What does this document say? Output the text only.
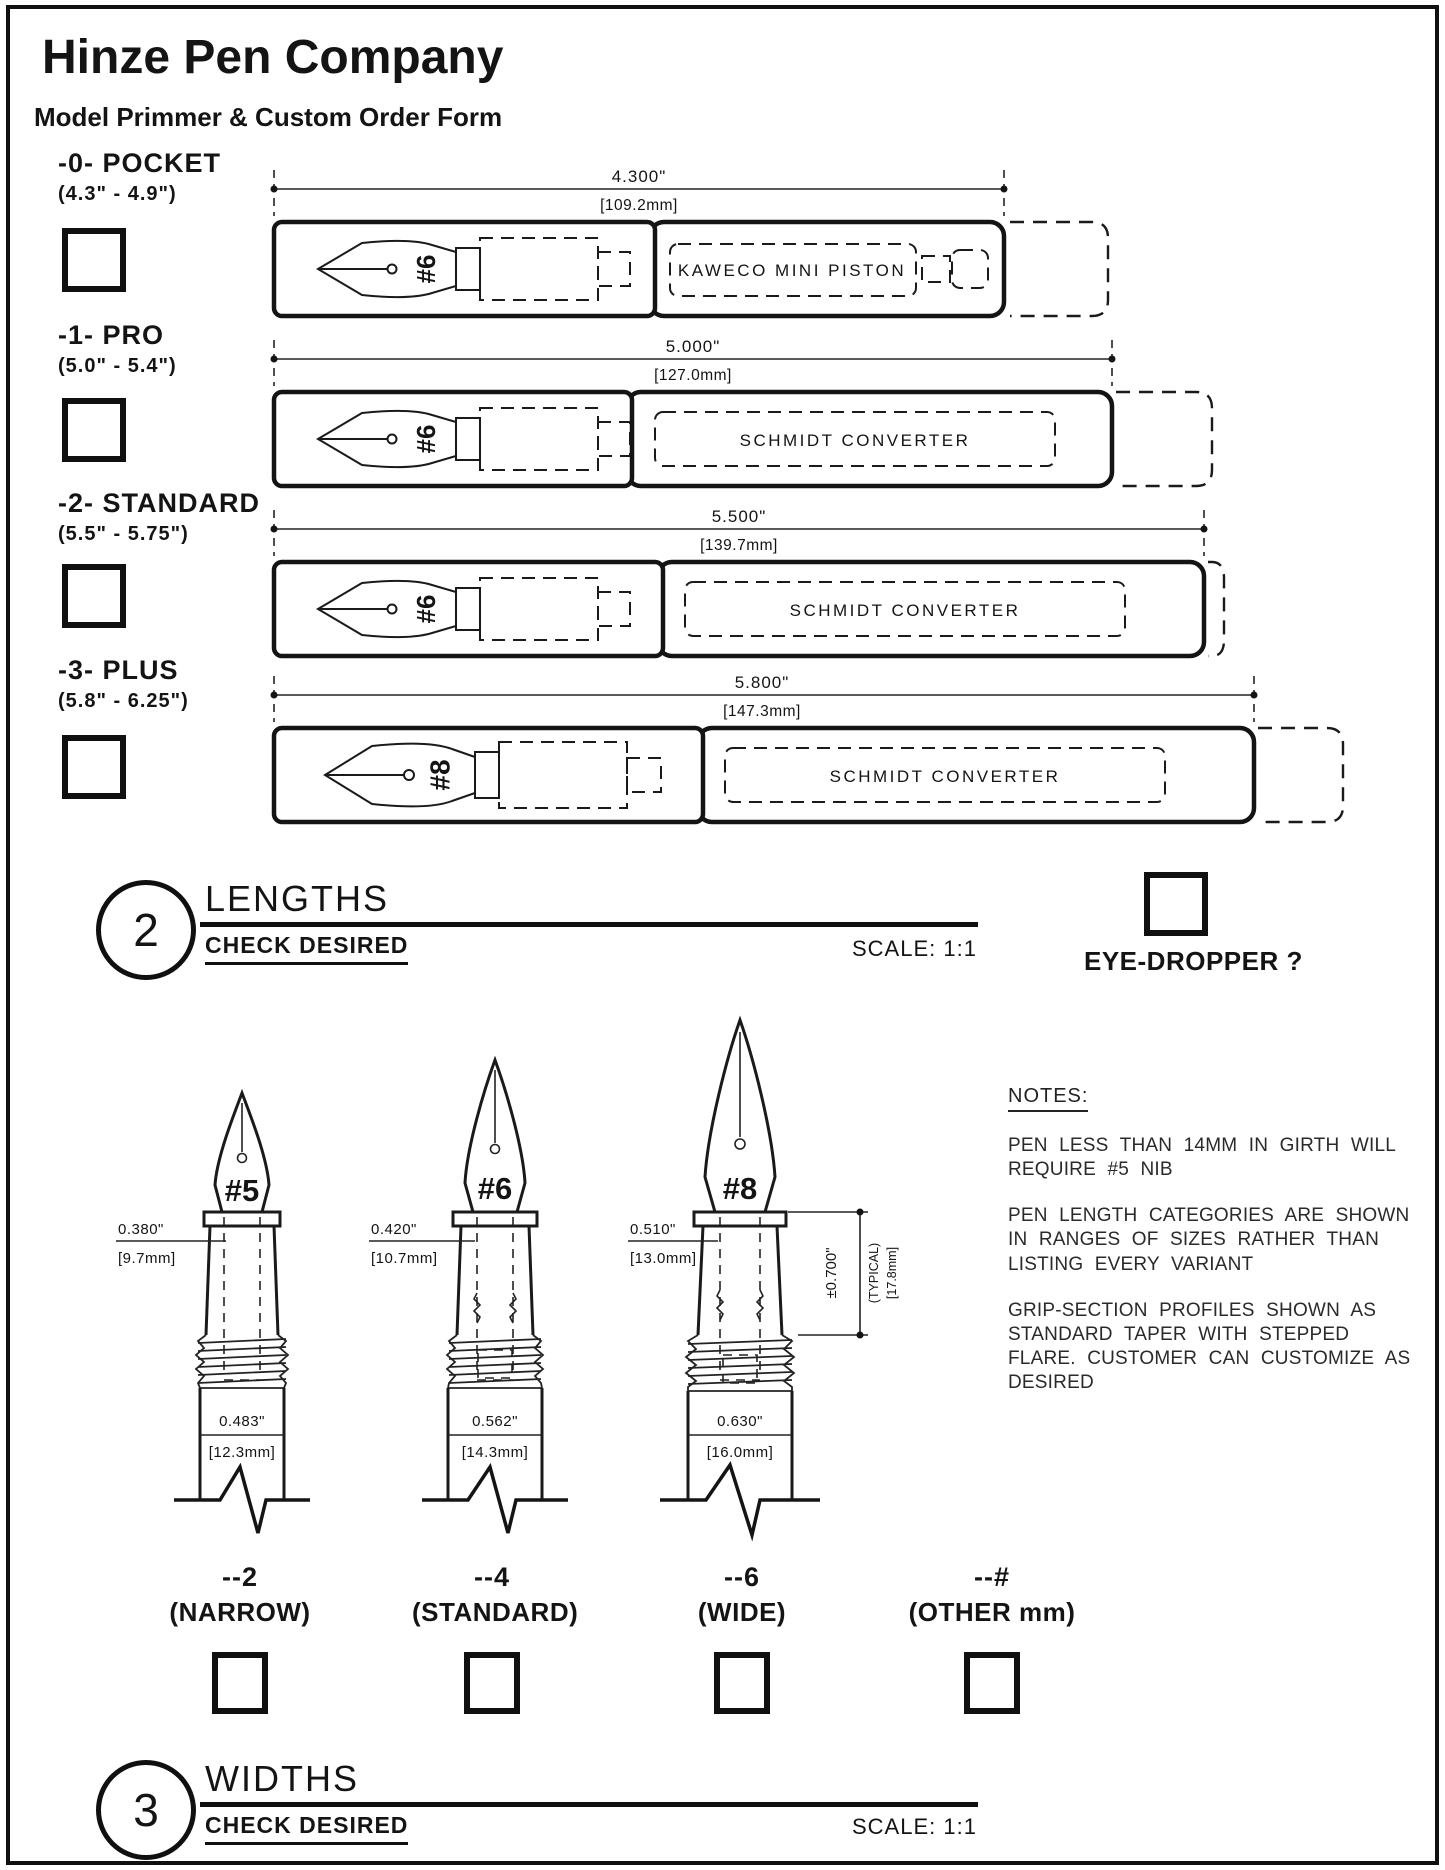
Hinze Pen Company
Model Primmer & Custom Order Form
-0- POCKET
(4.3" - 4.9")
4.300"
[109.2mm]
#6	KAWECO MINI PISTON
-1- PRO
(5.0" - 5.4")
5.000"
[127.0mm]
#6	SCHMIDT CONVERTER
-2- STANDARD
(5.5" - 5.75")
5.500"
[139.7mm]
#6	SCHMIDT CONVERTER
-3- PLUS
(5.8" - 6.25")
5.800"
[147.3mm]
#8	SCHMIDT CONVERTER
2
LENGTHS
CHECK DESIRED	SCALE: 1:1	EYE-DROPPER ?
#5
0.483"
[12.3mm]
0.380"
[9.7mm]
#6
0.562"
[14.3mm]
0.420"
[10.7mm]
#8
0.630"
[16.0mm]
0.510"
[13.0mm]	±0.700" (TYPICAL) [17.8mm]
NOTES:

PEN LESS THAN 14MM IN GIRTH WILL REQUIRE #5 NIB

PEN LENGTH CATEGORIES ARE SHOWN IN RANGES OF SIZES RATHER THAN LISTING EVERY VARIANT

GRIP-SECTION PROFILES SHOWN AS STANDARD TAPER WITH STEPPED FLARE. CUSTOMER CAN CUSTOMIZE AS DESIRED

--2
(NARROW)
--4
(STANDARD)
--6
(WIDE)
--#
(OTHER mm)
3
WIDTHS
CHECK DESIRED	SCALE: 1:1
